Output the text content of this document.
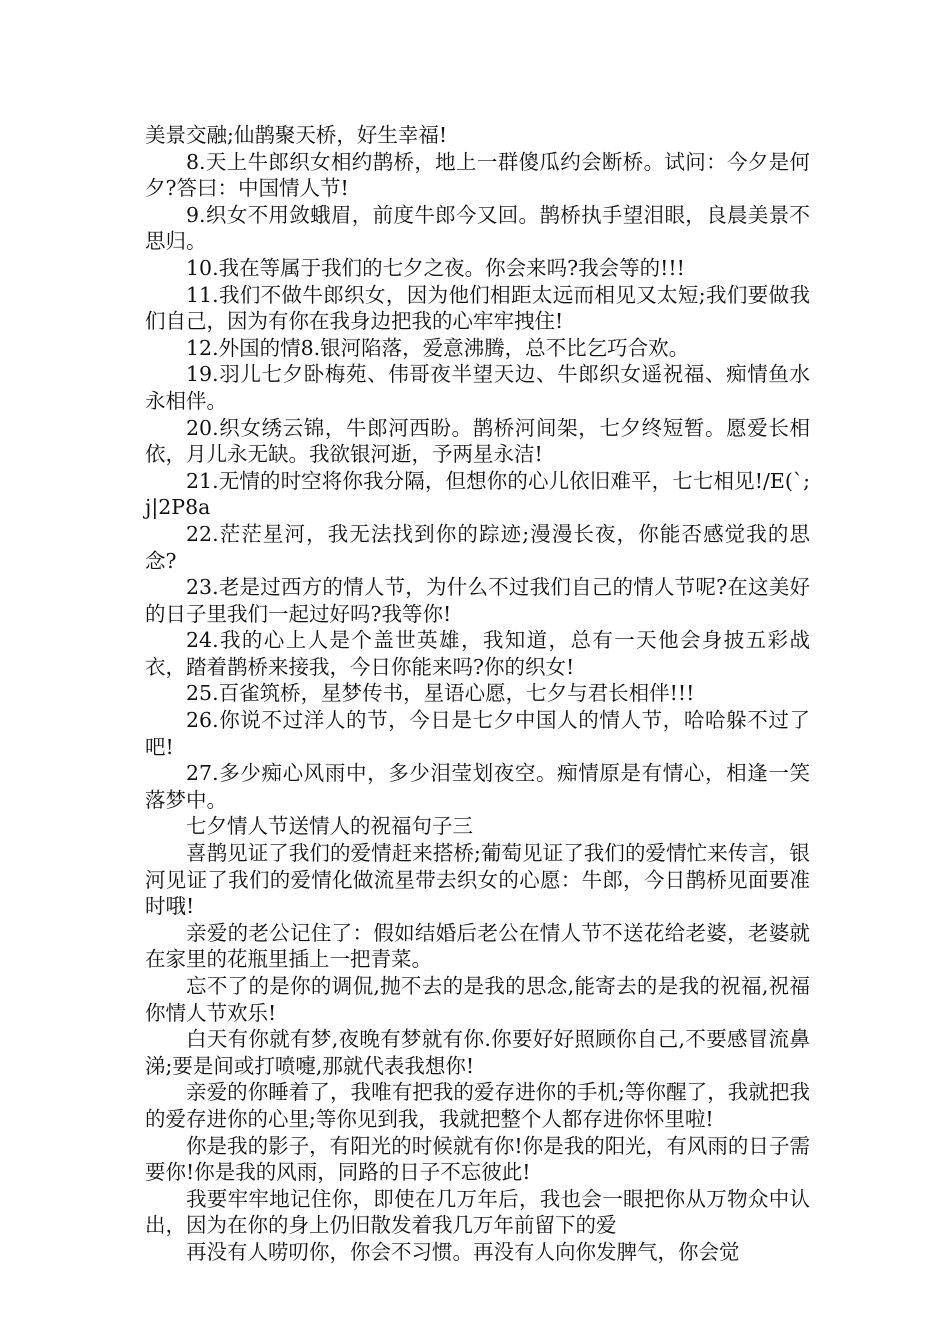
美景交融;仙鹊聚天桥，好生幸福!

8.天上牛郎织女相约鹊桥，地上一群傻瓜约会断桥。试问：今夕是何夕?答曰：中国情人节!

9.织女不用敛蛾眉，前度牛郎今又回。鹊桥执手望泪眼，良晨美景不思归。

10.我在等属于我们的七夕之夜。你会来吗?我会等的!!!

11.我们不做牛郎织女，因为他们相距太远而相见又太短;我们要做我们自己，因为有你在我身边把我的心牢牢拽住!

12.外国的情8.银河陷落，爱意沸腾，总不比乞巧合欢。

19.羽儿七夕卧梅苑、伟哥夜半望天边、牛郎织女遥祝福、痴情鱼水永相伴。

20.织女绣云锦，牛郎河西盼。鹊桥河间架，七夕终短暂。愿爱长相依，月儿永无缺。我欲银河逝，予两星永洁!

21.无情的时空将你我分隔，但想你的心儿依旧难平，七七相见!/E(`;j|2P8a

22.茫茫星河，我无法找到你的踪迹;漫漫长夜，你能否感觉我的思念?

23.老是过西方的情人节，为什么不过我们自己的情人节呢?在这美好的日子里我们一起过好吗?我等你!

24.我的心上人是个盖世英雄，我知道，总有一天他会身披五彩战衣，踏着鹊桥来接我，今日你能来吗?你的织女!

25.百雀筑桥，星梦传书，星语心愿，七夕与君长相伴!!!

26.你说不过洋人的节，今日是七夕中国人的情人节，哈哈躲不过了吧!

27.多少痴心风雨中，多少泪莹划夜空。痴情原是有情心，相逢一笑落梦中。

七夕情人节送情人的祝福句子三

喜鹊见证了我们的爱情赶来搭桥;葡萄见证了我们的爱情忙来传言，银河见证了我们的爱情化做流星带去织女的心愿：牛郎，今日鹊桥见面要准时哦!

亲爱的老公记住了：假如结婚后老公在情人节不送花给老婆，老婆就在家里的花瓶里插上一把青菜。

忘不了的是你的调侃,抛不去的是我的思念,能寄去的是我的祝福,祝福你情人节欢乐!

白天有你就有梦,夜晚有梦就有你.你要好好照顾你自己,不要感冒流鼻涕;要是间或打喷嚏,那就代表我想你!

亲爱的你睡着了，我唯有把我的爱存进你的手机;等你醒了，我就把我的爱存进你的心里;等你见到我，我就把整个人都存进你怀里啦!

你是我的影子，有阳光的时候就有你!你是我的阳光，有风雨的日子需要你!你是我的风雨，同路的日子不忘彼此!

我要牢牢地记住你，即使在几万年后，我也会一眼把你从万物众中认出，因为在你的身上仍旧散发着我几万年前留下的爱

再没有人唠叨你，你会不习惯。再没有人向你发脾气，你会觉
